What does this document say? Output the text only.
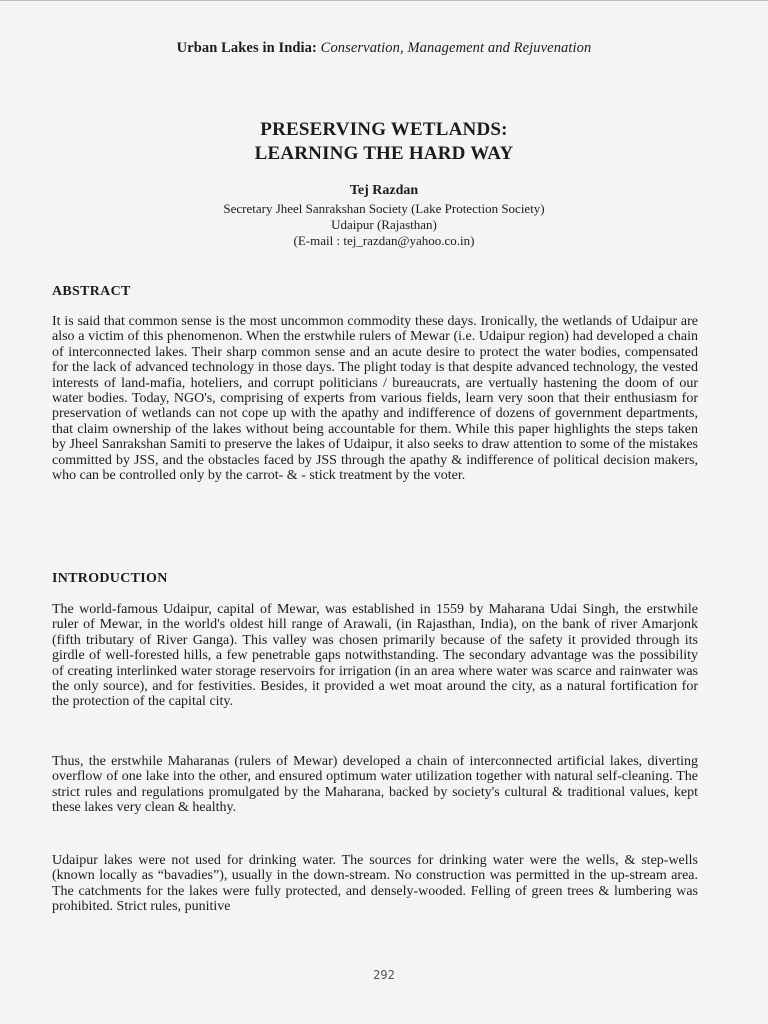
Urban Lakes in India: Conservation, Management and Rejuvenation
PRESERVING WETLANDS:
LEARNING THE HARD WAY
Tej Razdan
Secretary Jheel Sanrakshan Society (Lake Protection Society)
Udaipur (Rajasthan)
(E-mail : tej_razdan@yahoo.co.in)
ABSTRACT
It is said that common sense is the most uncommon commodity these days. Ironically, the wetlands of Udaipur are also a victim of this phenomenon. When the erstwhile rulers of Mewar (i.e. Udaipur region) had developed a chain of interconnected lakes. Their sharp common sense and an acute desire to protect the water bodies, compensated for the lack of advanced technology in those days. The plight today is that despite advanced technology, the vested interests of land-mafia, hoteliers, and corrupt politicians / bureaucrats, are vertually hastening the doom of our water bodies. Today, NGO's, comprising of experts from various fields, learn very soon that their enthusiasm for preservation of wetlands can not cope up with the apathy and indifference of dozens of government departments, that claim ownership of the lakes without being accountable for them. While this paper highlights the steps taken by Jheel Sanrakshan Samiti to preserve the lakes of Udaipur, it also seeks to draw attention to some of the mistakes committed by JSS, and the obstacles faced by JSS through the apathy & indifference of political decision makers, who can be controlled only by the carrot- & - stick treatment by the voter.
INTRODUCTION
The world-famous Udaipur, capital of Mewar, was established in 1559 by Maharana Udai Singh, the erstwhile ruler of Mewar, in the world's oldest hill range of Arawali, (in Rajasthan, India), on the bank of river Amarjonk (fifth tributary of River Ganga). This valley was chosen primarily because of the safety it provided through its girdle of well-forested hills, a few penetrable gaps notwithstanding. The secondary advantage was the possibility of creating interlinked water storage reservoirs for irrigation (in an area where water was scarce and rainwater was the only source), and for festivities. Besides, it provided a wet moat around the city, as a natural fortification for the protection of the capital city.
Thus, the erstwhile Maharanas (rulers of Mewar) developed a chain of interconnected artificial lakes, diverting overflow of one lake into the other, and ensured optimum water utilization together with natural self-cleaning. The strict rules and regulations promulgated by the Maharana, backed by society's cultural & traditional values, kept these lakes very clean & healthy.
Udaipur lakes were not used for drinking water. The sources for drinking water were the wells, & step-wells (known locally as “bavadies”), usually in the down-stream. No construction was permitted in the up-stream area. The catchments for the lakes were fully protected, and densely-wooded. Felling of green trees & lumbering was prohibited. Strict rules, punitive
292
